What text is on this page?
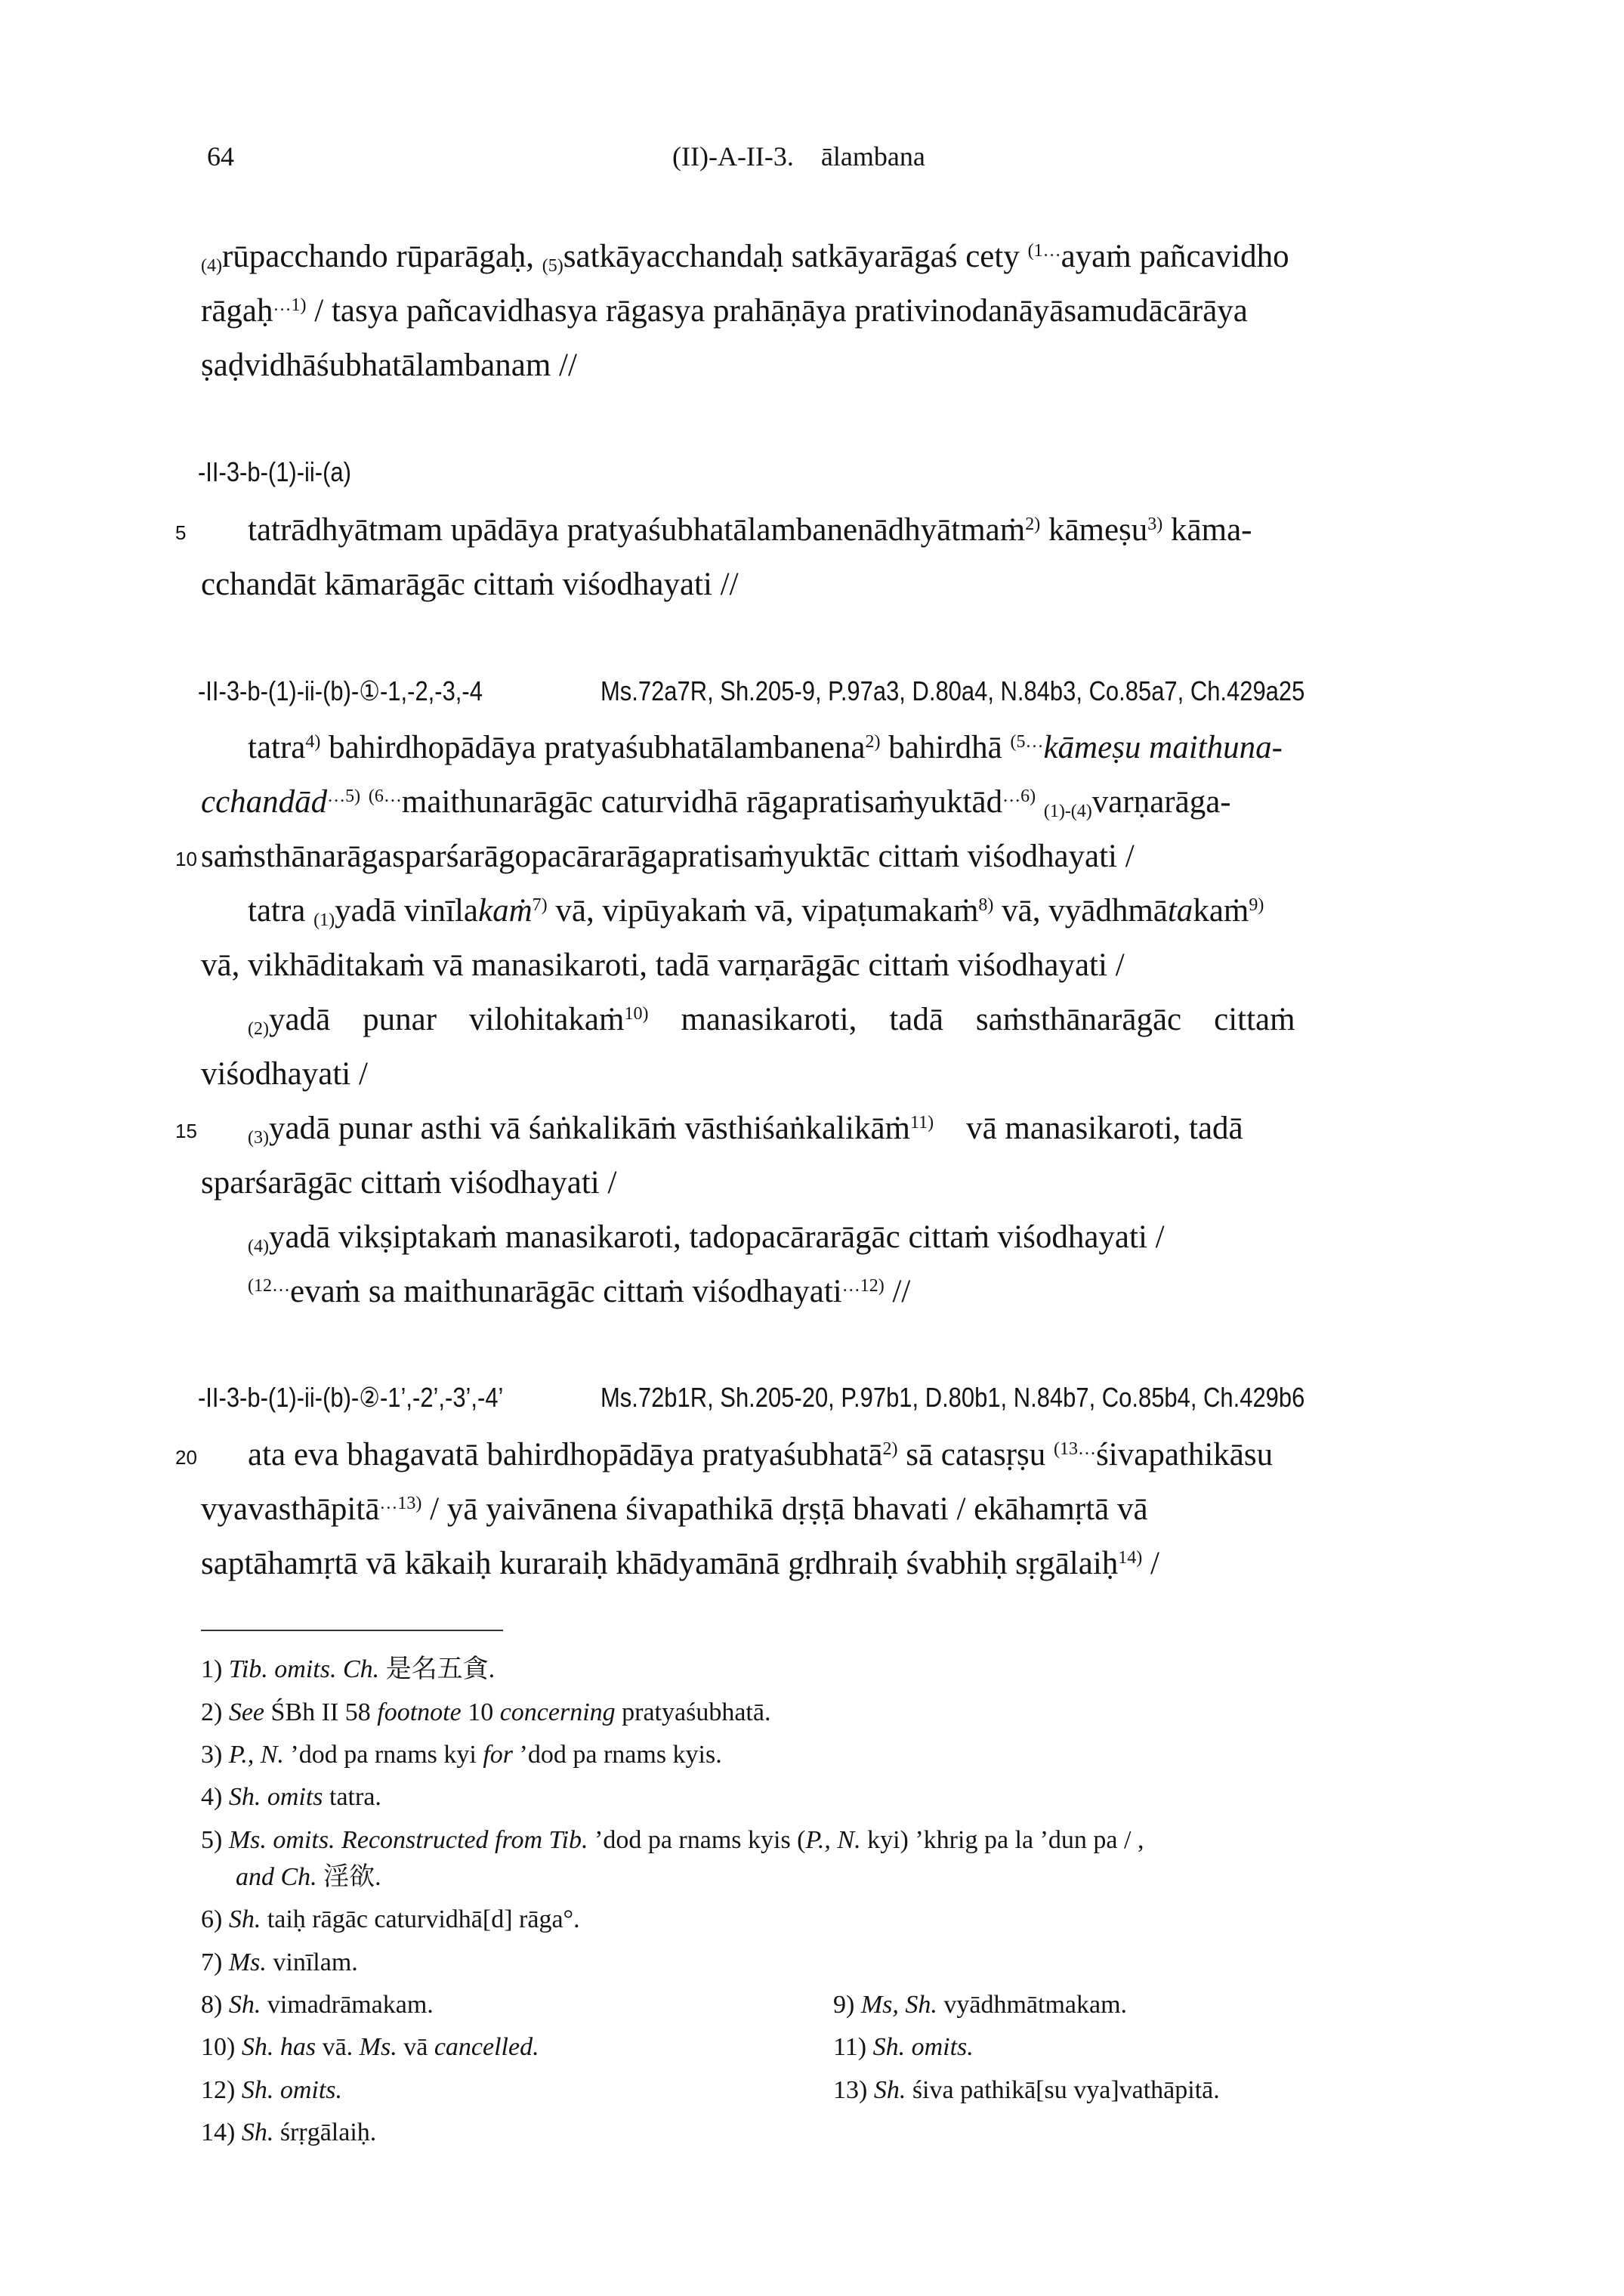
64	(II)-A-II-3. ālambana
$_{(4)}$rūpacchando rūparāgaḥ, $_{(5)}$satkāyacchandaḥ satkāyarāgaś cety $^{(1\dots}$ayaṁ pañcavidho
rāgaḥ$^{\dots 1)}$ / tasya pañcavidhasya rāgasya prahāṇāya prativinodanāyāsamudācārāya
ṣaḍvidhāśubhatālambanam //
-II-3-b-(1)-ii-(a)
5 tatrādhyātmam upādāya pratyaśubhatālambanenādhyātmaṁ$^{2)}$ kāmeṣu$^{3)}$ kāma-
cchandāt kāmarāgāc cittaṁ viśodhayati //
-II-3-b-(1)-ii-(b)-①-1,-2,-3,-4	Ms.72a7R, Sh.205-9, P.97a3, D.80a4, N.84b3, Co.85a7, Ch.429a25
tatra$^{4)}$ bahirdhopādāya pratyaśubhatālambanena$^{2)}$ bahirdhā $^{(5\dots}$kāmeṣu maithuna-
cchandād$^{\dots 5)}$ $^{(6\dots}$maithunarāgāc caturvidhā rāgapratisaṁyuktād$^{\dots 6)}$ $_{(1)-(4)}$varṇarāga-
10 saṁsthānarāgasparśarāgopacārarāgapratisaṁyuktāc cittaṁ viśodhayati /
tatra $_{(1)}$yadā vinīlakaṁ$^{7)}$ vā, vipūyakaṁ vā, vipaṭumakaṁ$^{8)}$ vā, vyādhmātakaṁ$^{9)}$
vā, vikhāditakaṁ vā manasikaroti, tadā varṇarāgāc cittaṁ viśodhayati /
$_{(2)}$yadā punar vilohitakaṁ$^{10)}$ manasikaroti, tadā saṁsthānarāgāc cittaṁ
viśodhayati /
15	$_{(3)}$yadā punar asthi vā śaṅkalikāṁ vāsthiśaṅkalikāṁ$^{11)}$ vā manasikaroti, tadā
sparśarāgāc cittaṁ viśodhayati /
$_{(4)}$yadā vikṣiptakaṁ manasikaroti, tadopacārarāgāc cittaṁ viśodhayati /
$^{(12\dots}$evaṁ sa maithunarāgāc cittaṁ viśodhayati$^{\dots 12)}$ //
-II-3-b-(1)-ii-(b)-②-1’,-2’,-3’,-4’	Ms.72b1R, Sh.205-20, P.97b1, D.80b1, N.84b7, Co.85b4, Ch.429b6
20 ata eva bhagavatā bahirdhopādāya pratyaśubhatā$^{2)}$ sā catasṛṣu $^{(13\dots}$śivapathikāsu
vyavasthāpitā$^{\dots 13)}$ / yā yaivānena śivapathikā dṛṣṭā bhavati / ekāhamṛtā vā
saptāhamṛtā vā kākaiḥ kuraraiḥ khādyamānā gṛdhraiḥ śvabhiḥ sṛgālaiḥ$^{14)}$ /
1) Tib. omits. Ch. 是名五貪.
2) See ŚBh II 58 footnote 10 concerning pratyaśubhatā.
3) P., N. ’dod pa rnams kyi for ’dod pa rnams kyis.
4) Sh. omits tatra.
5) Ms. omits. Reconstructed from Tib. ’dod pa rnams kyis (P., N. kyi) ’khrig pa la ’dun pa / ,
and Ch. 淫欲.
6) Sh. taiḥ rāgāc caturvidhā[d] rāga°.
7) Ms. vinīlam.
8) Sh. vimadrāmakam.	9) Ms, Sh. vyādhmātmakam.
10) Sh. has vā. Ms. vā cancelled.	11) Sh. omits.
12) Sh. omits.	13) Sh. śiva pathikā[su vya]vathāpitā.
14) Sh. śrṛgālaiḥ.
